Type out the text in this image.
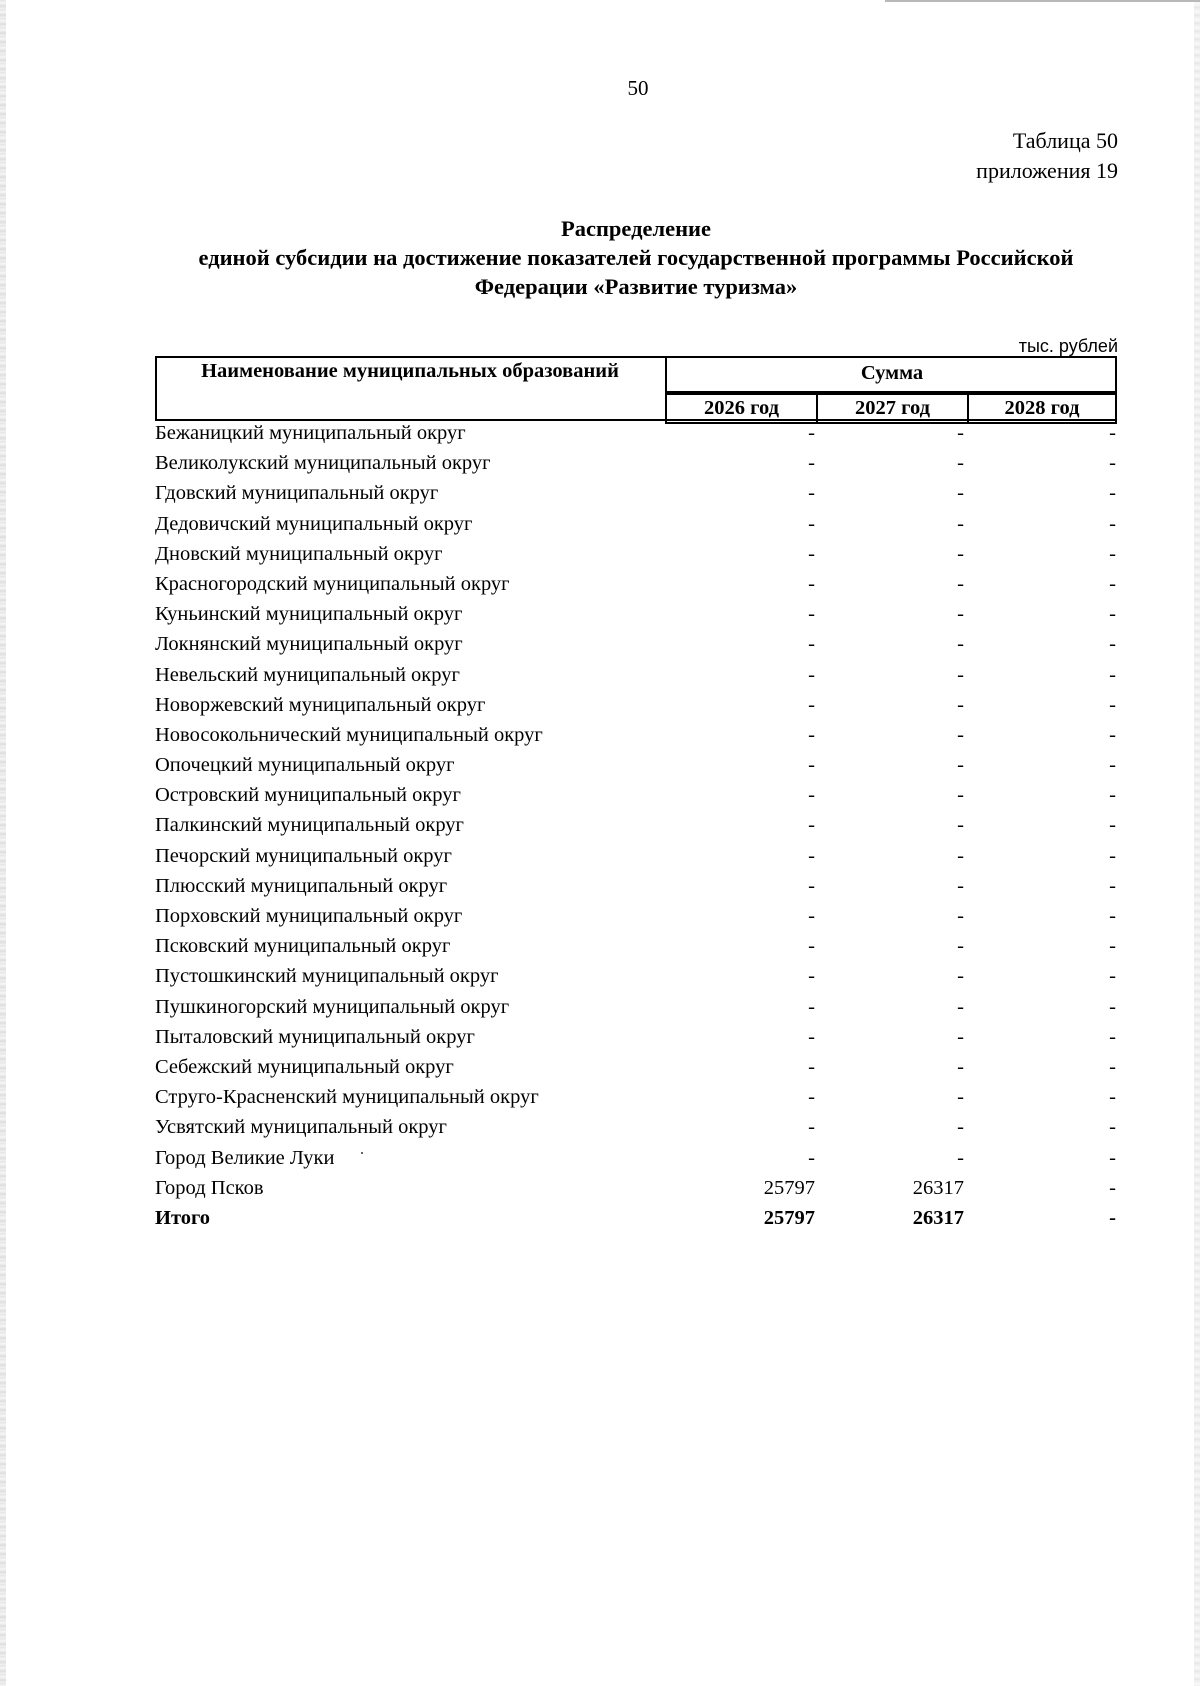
50
Таблица 50
приложения 19
Распределение
единой субсидии на достижение показателей государственной программы Российской
Федерации «Развитие туризма»
тыс. рублей
Наименование муниципальных образований	Сумма
2026 год	2027 год	2028 год
Бежаницкий муниципальный округ	-	-	-
Великолукский муниципальный округ	-	-	-
Гдовский муниципальный округ	-	-	-
Дедовичский муниципальный округ	-	-	-
Дновский муниципальный округ	-	-	-
Красногородский муниципальный округ	-	-	-
Куньинский муниципальный округ	-	-	-
Локнянский муниципальный округ	-	-	-
Невельский муниципальный округ	-	-	-
Новоржевский муниципальный округ	-	-	-
Новосокольнический муниципальный округ	-	-	-
Опочецкий муниципальный округ	-	-	-
Островский муниципальный округ	-	-	-
Палкинский муниципальный округ	-	-	-
Печорский муниципальный округ	-	-	-
Плюсский муниципальный округ	-	-	-
Порховский муниципальный округ	-	-	-
Псковский муниципальный округ	-	-	-
Пустошкинский муниципальный округ	-	-	-
Пушкиногорский муниципальный округ	-	-	-
Пыталовский муниципальный округ	-	-	-
Себежский муниципальный округ	-	-	-
Струго-Красненский муниципальный округ	-	-	-
Усвятский муниципальный округ	-	-	-
Город Великие Луки	-	-	-
Город Псков	25797	26317	-
Итого	25797	26317	-
